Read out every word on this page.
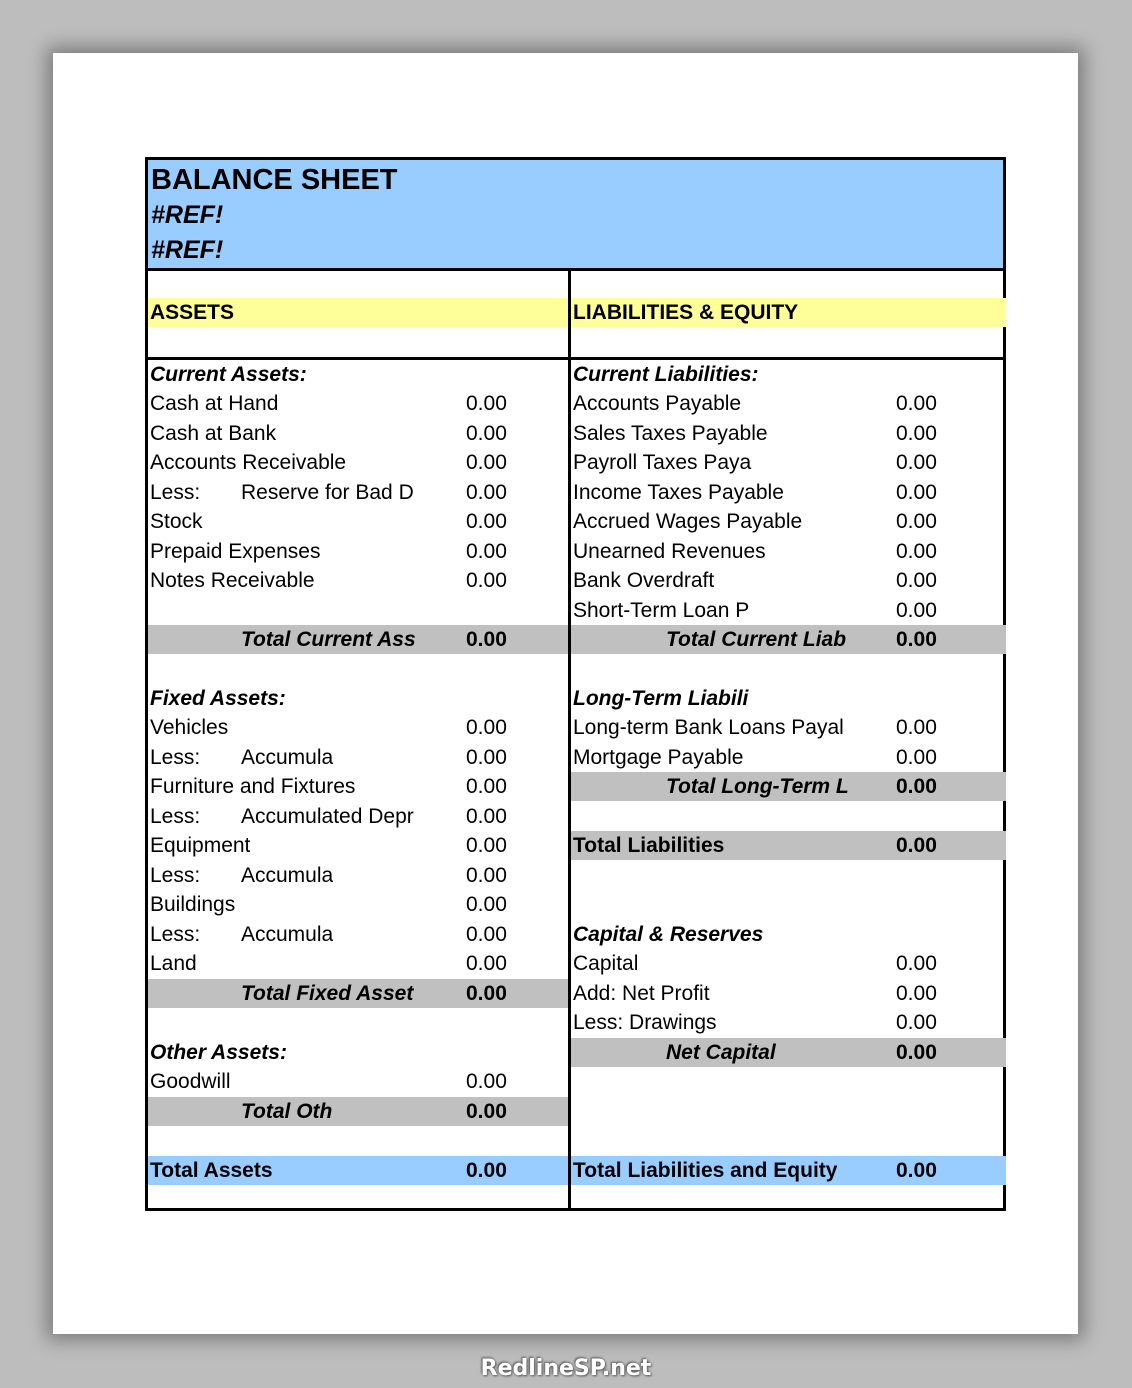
BALANCE SHEET
#REF!
#REF!
ASSETS	LIABILITIES & EQUITY
Current Assets:
Cash at Hand	0.00
Cash at Bank	0.00
Accounts Receivable	0.00
Less: Reserve for Bad D 0.00
Stock	0.00
Prepaid Expenses	0.00
Notes Receivable	0.00
Total Current Ass 0.00
Fixed Assets:
Vehicles	0.00
Less: Accumula	0.00
Furniture and Fixtures	0.00
Less: Accumulated Depr 0.00
Equipment	0.00
Less: Accumula	0.00
Buildings	0.00
Less: Accumula	0.00
Land	0.00
Total Fixed Asset	0.00
Other Assets:
Goodwill	0.00
Total Oth	0.00
Total Assets	0.00
Current Liabilities:
Accounts Payable	0.00
Sales Taxes Payable	0.00
Payroll Taxes Paya	0.00
Income Taxes Payable	0.00
Accrued Wages Payable	0.00
Unearned Revenues	0.00
Bank Overdraft	0.00
Short-Term Loan P	0.00
Total Current Liab 0.00
Long-Term Liabili
Long-term Bank Loans Payal	0.00
Mortgage Payable	0.00
Total Long-Term L 0.00
Total Liabilities	0.00
Capital & Reserves
Capital	0.00
Add: Net Profit	0.00
Less: Drawings	0.00
Net Capital	0.00
Total Liabilities and Equity	0.00
RedlineSP.net
